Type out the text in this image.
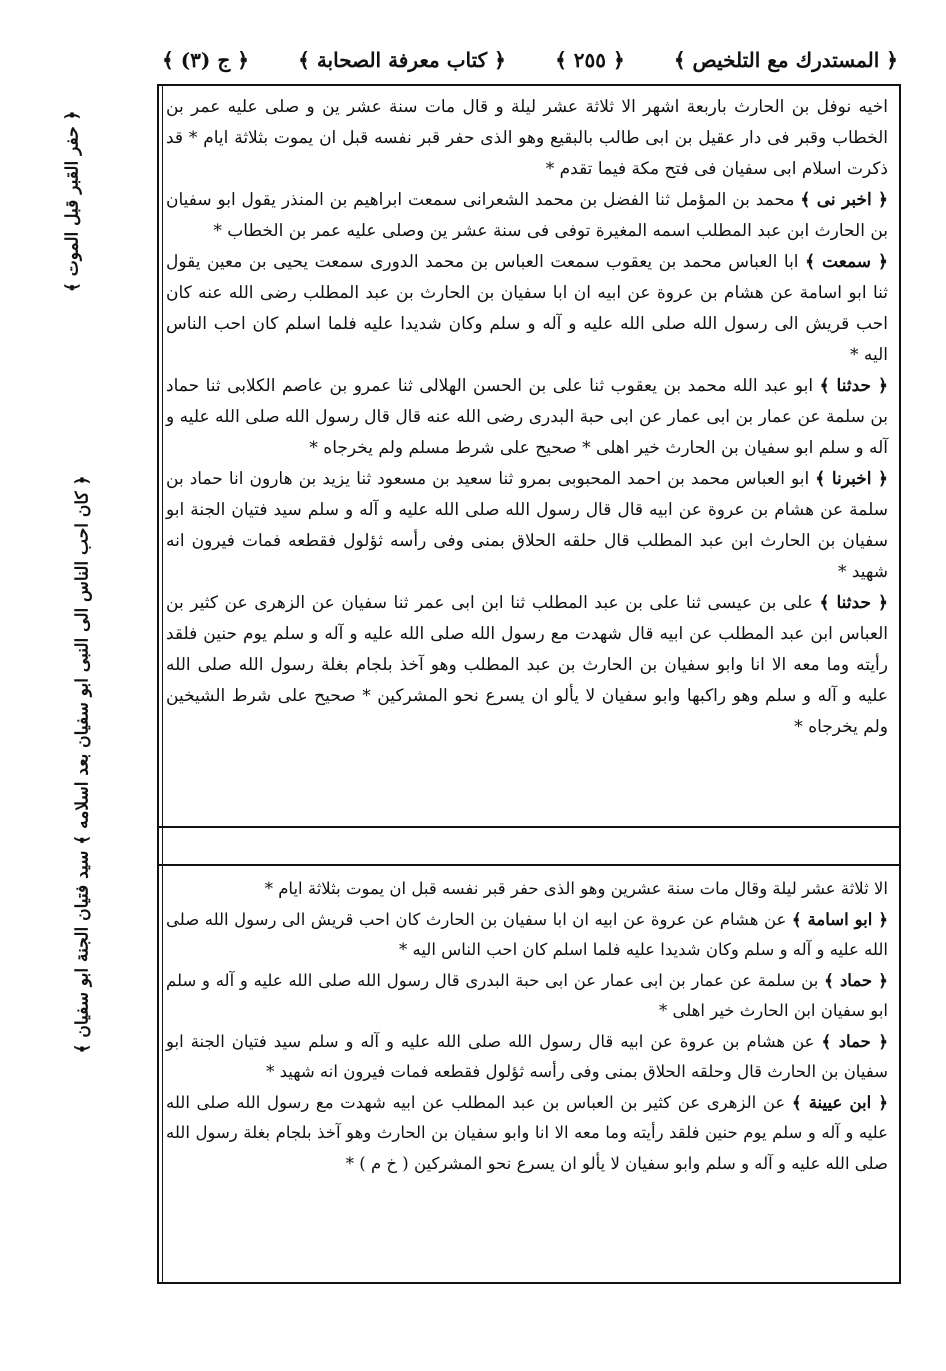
﴿ المستدرك مع التلخيص ﴾
﴿ ٢٥٥ ﴾
﴿ كتاب معرفة الصحابة ﴾
﴿ ج (٣) ﴾

اخيه نوفل بن الحارث باربعة اشهر الا ثلاثة عشر ليلة و قال مات سنة عشر ين و صلى عليه عمر بن الخطاب وقبر فى دار عقيل بن ابى طالب بالبقيع وهو الذى حفر قبر نفسه قبل ان يموت بثلاثة ايام * قد ذكرت اسلام ابى سفيان فى فتح مكة فيما تقدم *

﴿ اخبر نى ﴾ محمد بن المؤمل ثنا الفضل بن محمد الشعرانى سمعت ابراهيم بن المنذر يقول ابو سفيان بن الحارث ابن عبد المطلب اسمه المغيرة توفى فى سنة عشر ين وصلى عليه عمر بن الخطاب *

﴿ سمعت ﴾ ابا العباس محمد بن يعقوب سمعت العباس بن محمد الدورى سمعت يحيى بن معين يقول ثنا ابو اسامة عن هشام بن عروة عن ابيه ان ابا سفيان بن الحارث بن عبد المطلب رضى الله عنه كان احب قريش الى رسول الله صلى الله عليه و آله و سلم وكان شديدا عليه فلما اسلم كان احب الناس اليه *

﴿ حدثنا ﴾ ابو عبد الله محمد بن يعقوب ثنا على بن الحسن الهلالى ثنا عمرو بن عاصم الكلابى ثنا حماد بن سلمة عن عمار بن ابى عمار عن ابى حبة البدرى رضى الله عنه قال قال رسول الله صلى الله عليه و آله و سلم ابو سفيان بن الحارث خير اهلى * صحيح على شرط مسلم ولم يخرجاه *

﴿ اخبرنا ﴾ ابو العباس محمد بن احمد المحبوبى بمرو ثنا سعيد بن مسعود ثنا يزيد بن هارون انا حماد بن سلمة عن هشام بن عروة عن ابيه قال قال رسول الله صلى الله عليه و آله و سلم سيد فتيان الجنة ابو سفيان بن الحارث ابن عبد المطلب قال حلقه الحلاق بمنى وفى رأسه ثؤلول فقطعه فمات فيرون انه شهيد *

﴿ حدثنا ﴾ على بن عيسى ثنا على بن عبد المطلب ثنا ابن ابى عمر ثنا سفيان عن الزهرى عن كثير بن العباس ابن عبد المطلب عن ابيه قال شهدت مع رسول الله صلى الله عليه و آله و سلم يوم حنين فلقد رأيته وما معه الا انا وابو سفيان بن الحارث بن عبد المطلب وهو آخذ بلجام بغلة رسول الله صلى الله عليه و آله و سلم وهو راكبها وابو سفيان لا يألو ان يسرع نحو المشركين * صحيح على شرط الشيخين ولم يخرجاه *

الا ثلاثة عشر ليلة وقال مات سنة عشرين وهو الذى حفر قبر نفسه قبل ان يموت بثلاثة ايام *

﴿ ابو اسامة ﴾ عن هشام عن عروة عن ابيه ان ابا سفيان بن الحارث كان احب قريش الى رسول الله صلى الله عليه و آله و سلم وكان شديدا عليه فلما اسلم كان احب الناس اليه *

﴿ حماد ﴾ بن سلمة عن عمار بن ابى عمار عن ابى حبة البدرى قال رسول الله صلى الله عليه و آله و سلم ابو سفيان ابن الحارث خير اهلى *

﴿ حماد ﴾ عن هشام بن عروة عن ابيه قال رسول الله صلى الله عليه و آله و سلم سيد فتيان الجنة ابو سفيان بن الحارث قال وحلقه الحلاق بمنى وفى رأسه ثؤلول فقطعه فمات فيرون انه شهيد *

﴿ ابن عيينة ﴾ عن الزهرى عن كثير بن العباس بن عبد المطلب عن ابيه شهدت مع رسول الله صلى الله عليه و آله و سلم يوم حنين فلقد رأيته وما معه الا انا وابو سفيان بن الحارث وهو آخذ بلجام بغلة رسول الله صلى الله عليه و آله و سلم وابو سفيان لا يألو ان يسرع نحو المشركين ( خ م ) *

﴿ حفر القبر قبل الموت ﴾
﴿ كان احب الناس الى النبى ابو سفيان بعد اسلامه ﴾ سيد فتيان الجنة ابو سفيان ﴾
